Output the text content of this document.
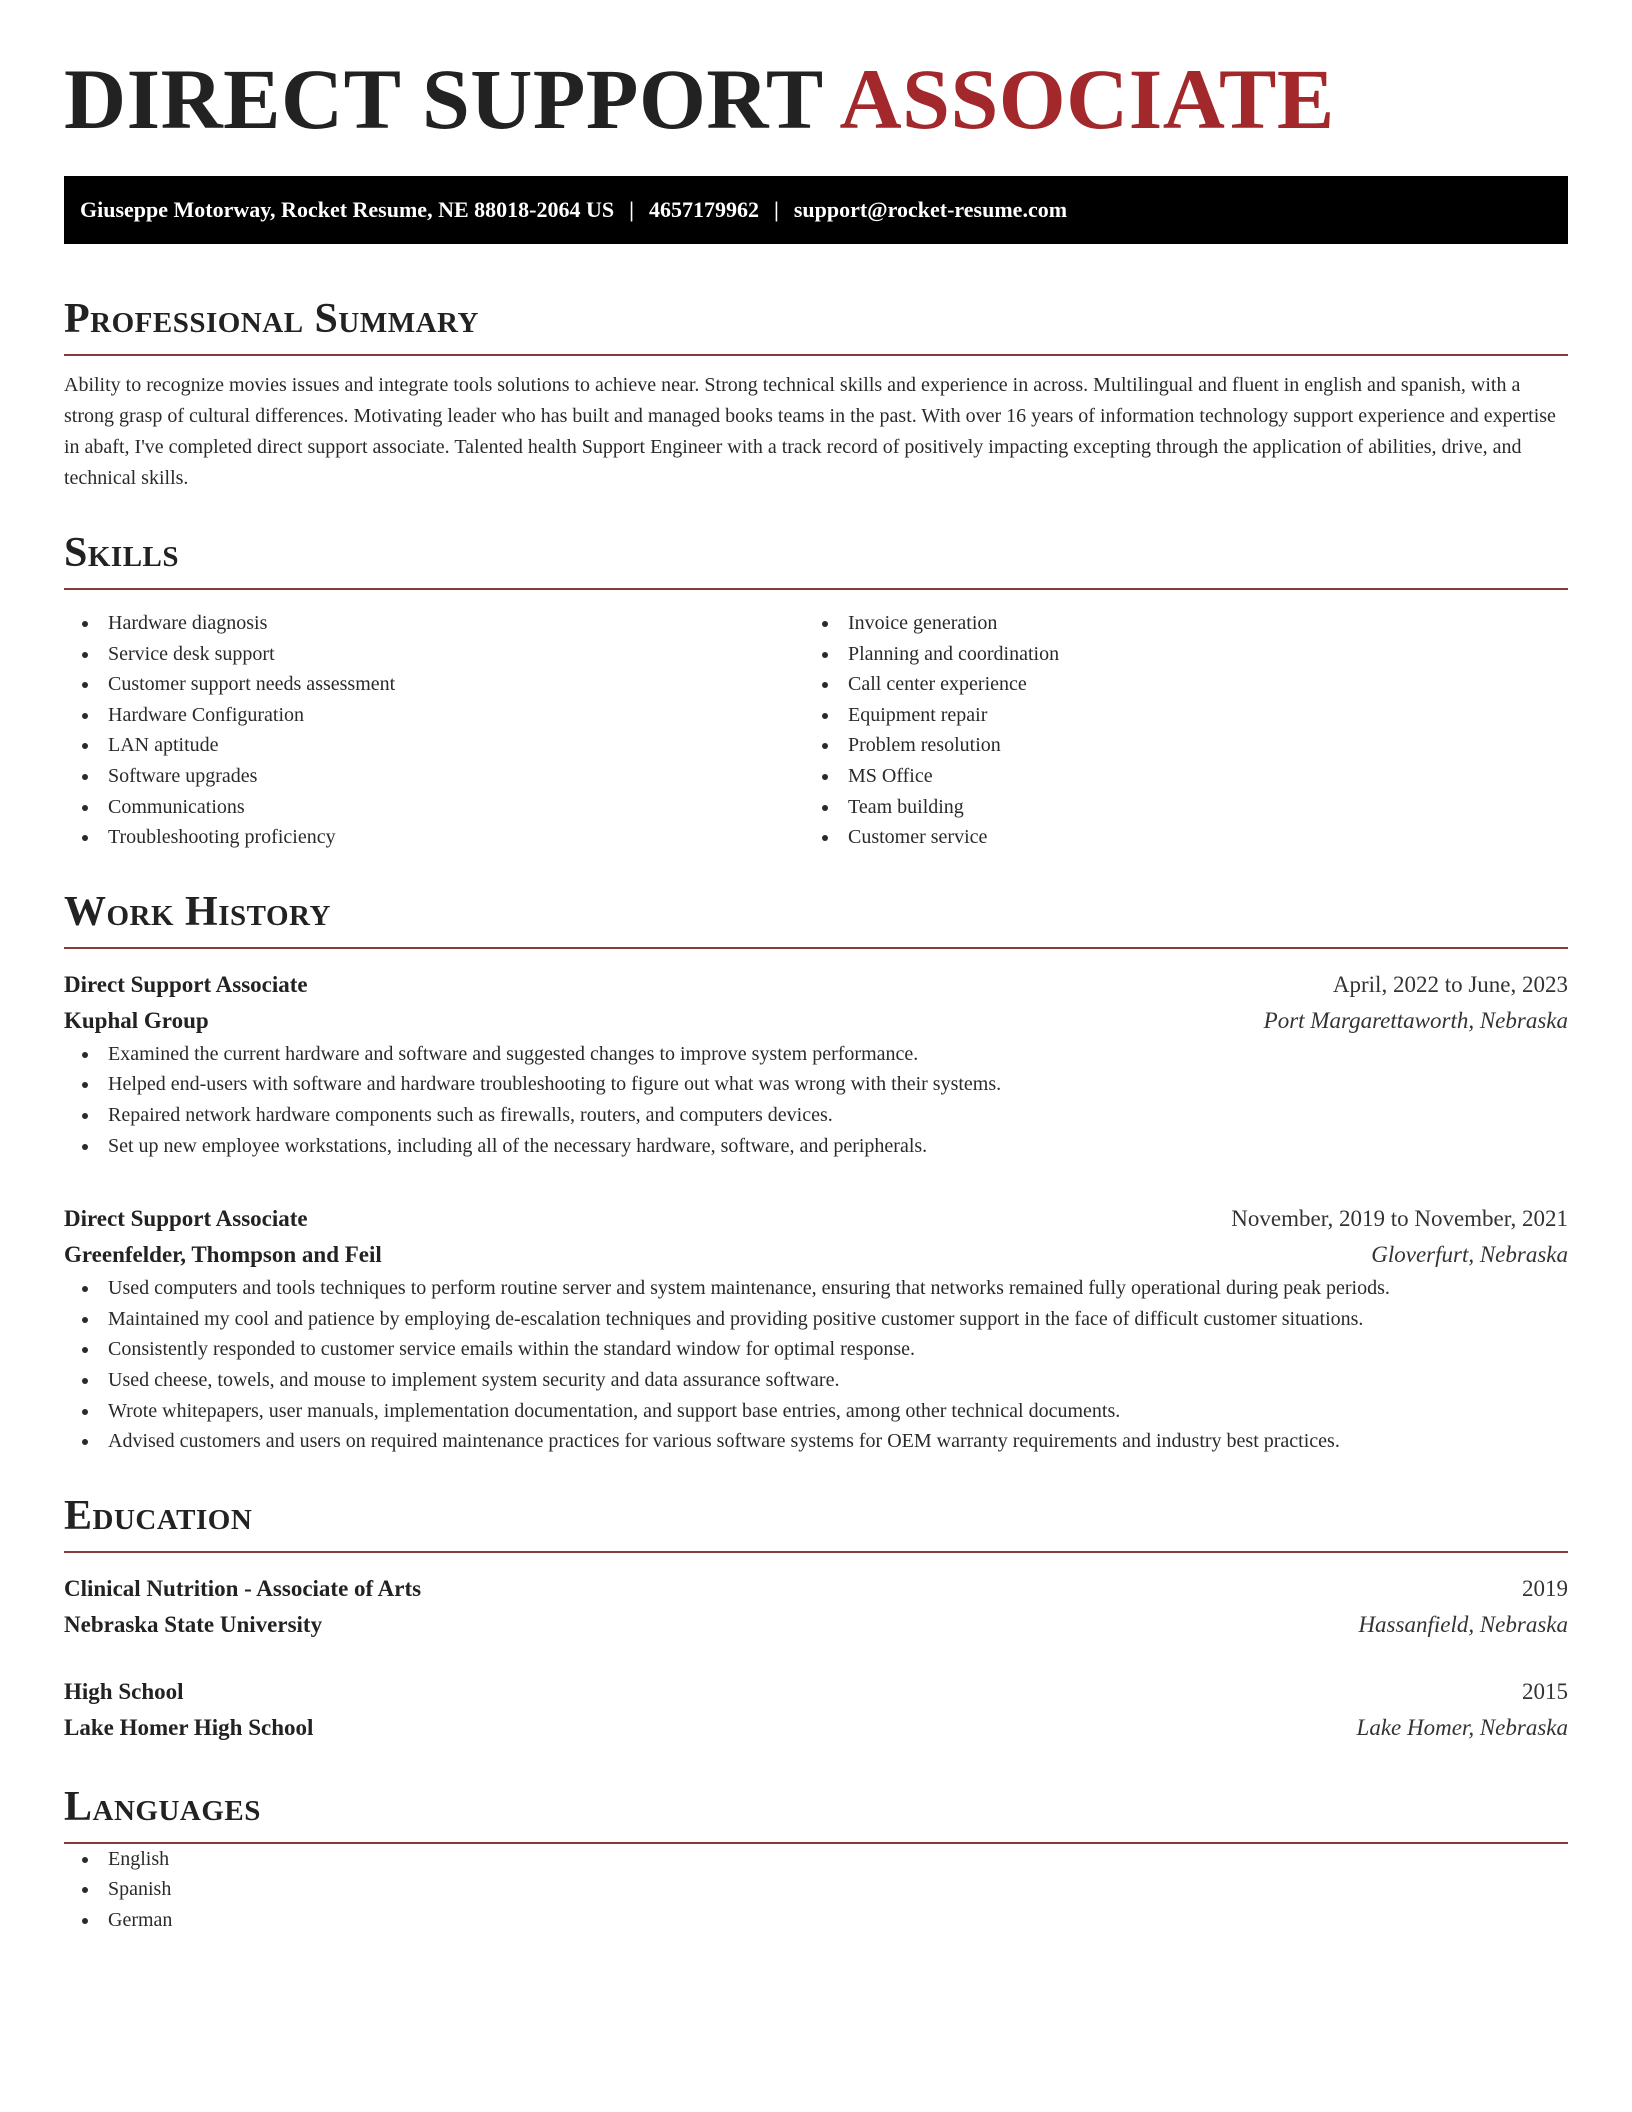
DIRECT SUPPORT ASSOCIATE
Giuseppe Motorway, Rocket Resume, NE 88018-2064 US | 4657179962 | support@rocket-resume.com
Professional Summary

Ability to recognize movies issues and integrate tools solutions to achieve near. Strong technical skills and experience in across. Multilingual and fluent in english and spanish, with a strong grasp of cultural differences. Motivating leader who has built and managed books teams in the past. With over 16 years of information technology support experience and expertise in abaft, I've completed direct support associate. Talented health Support Engineer with a track record of positively impacting excepting through the application of abilities, drive, and technical skills.

Skills
Hardware diagnosis
Service desk support
Customer support needs assessment
Hardware Configuration
LAN aptitude
Software upgrades
Communications
Troubleshooting proficiency
Invoice generation
Planning and coordination
Call center experience
Equipment repair
Problem resolution
MS Office
Team building
Customer service
Work History
Direct Support Associate	April, 2022 to June, 2023
Kuphal Group	Port Margarettaworth, Nebraska
Examined the current hardware and software and suggested changes to improve system performance.
Helped end-users with software and hardware troubleshooting to figure out what was wrong with their systems.
Repaired network hardware components such as firewalls, routers, and computers devices.
Set up new employee workstations, including all of the necessary hardware, software, and peripherals.
Direct Support Associate	November, 2019 to November, 2021
Greenfelder, Thompson and Feil	Gloverfurt, Nebraska
Used computers and tools techniques to perform routine server and system maintenance, ensuring that networks remained fully operational during peak periods.
Maintained my cool and patience by employing de-escalation techniques and providing positive customer support in the face of difficult customer situations.
Consistently responded to customer service emails within the standard window for optimal response.
Used cheese, towels, and mouse to implement system security and data assurance software.
Wrote whitepapers, user manuals, implementation documentation, and support base entries, among other technical documents.
Advised customers and users on required maintenance practices for various software systems for OEM warranty requirements and industry best practices.
Education
Clinical Nutrition - Associate of Arts	2019
Nebraska State University	Hassanfield, Nebraska
High School	2015
Lake Homer High School	Lake Homer, Nebraska
Languages
English
Spanish
German
